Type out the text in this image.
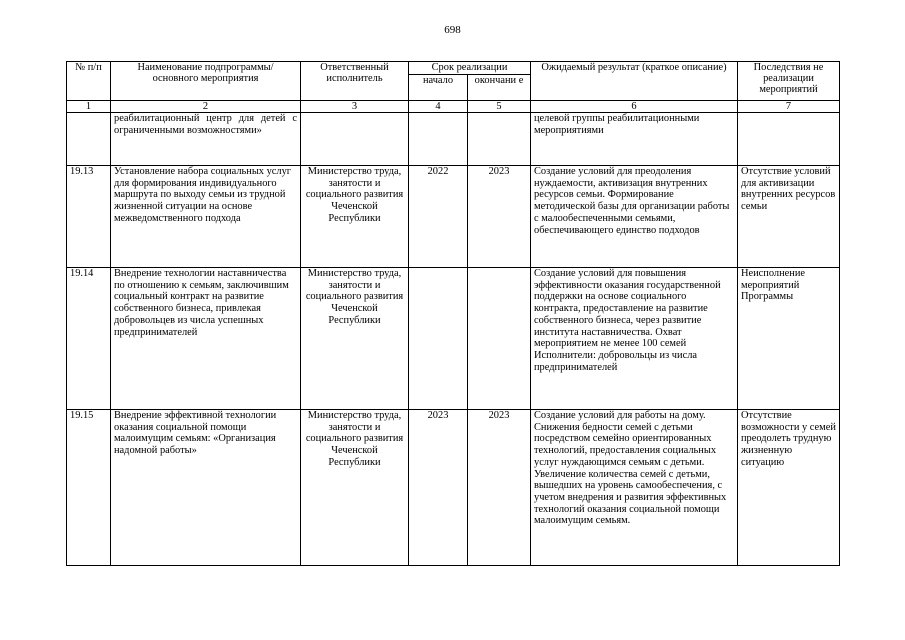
698
№ п/п	Наименование подпрограммы/ основного мероприятия	Ответственный исполнитель	Срок реализации		Ожидаемый результат (краткое описание)	Последствия не реализации мероприятий
			начало	окончани е		
1	2	3	4	5	6	7
	реабилитационный центр для детей с ограниченными возможностями»				целевой группы реабилитационными мероприятиями	
19.13	Установление набора социальных услуг для формирования индивидуального маршрута по выходу семьи из трудной жизненной ситуации на основе межведомственного подхода	Министерство труда, занятости и социального развития Чеченской Республики	2022	2023	Создание условий для преодоления нуждаемости, активизация внутренних ресурсов семьи. Формирование методической базы для организации работы с малообеспеченными семьями, обеспечивающего единство подходов	Отсутствие условий для активизации внутренних ресурсов семьи
19.14	Внедрение технологии наставничества по отношению к семьям, заключившим социальный контракт на развитие собственного бизнеса, привлекая добровольцев из числа успешных предпринимателей	Министерство труда, занятости и социального развития Чеченской Республики			Создание условий для повышения эффективности оказания государственной поддержки на основе социального контракта, предоставление на развитие собственного бизнеса, через развитие института наставничества. Охват мероприятием не менее 100 семей Исполнители: добровольцы из числа предпринимателей	Неисполнение мероприятий Программы
19.15	Внедрение эффективной технологии оказания социальной помощи малоимущим семьям: «Организация надомной работы»	Министерство труда, занятости и социального развития Чеченской Республики	2023	2023	Создание условий для работы на дому. Снижения бедности семей с детьми посредством семейно ориентированных технологий, предоставления социальных услуг нуждающимся семьям с детьми. Увеличение количества семей с детьми, вышедших на уровень самообеспечения, с учетом внедрения и развития эффективных технологий оказания социальной помощи малоимущим семьям.	Отсутствие возможности у семей преодолеть трудную жизненную ситуацию
